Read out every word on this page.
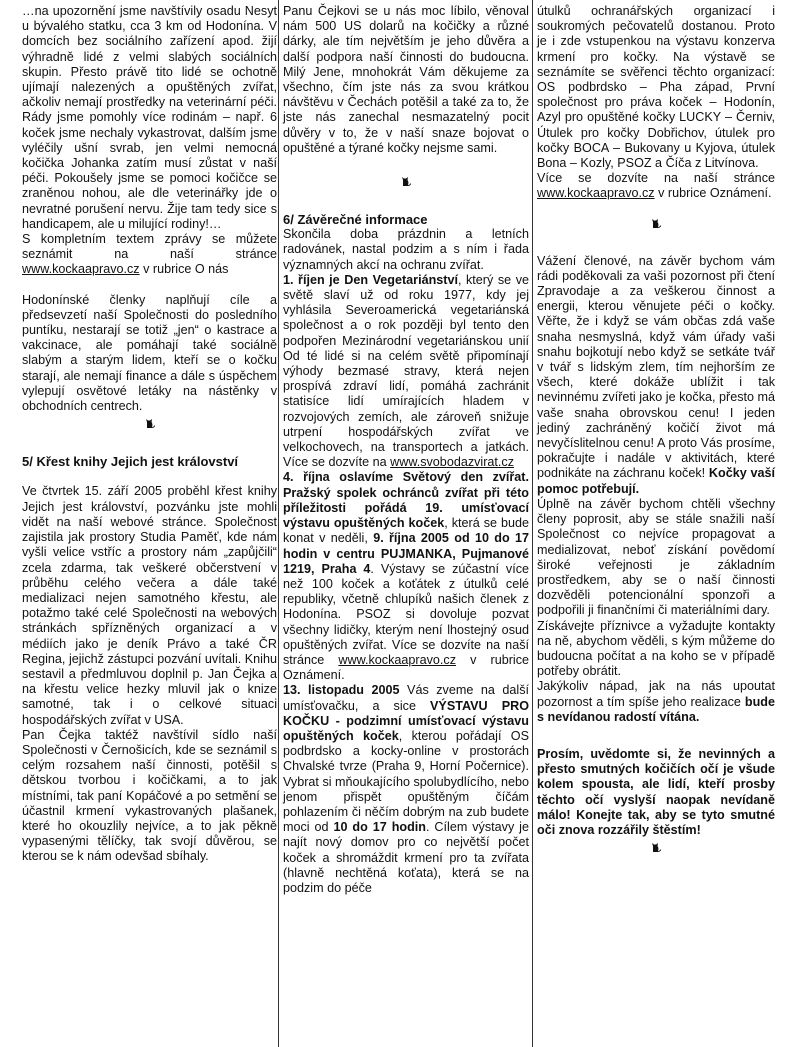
…na upozornění jsme navštívily osadu Nesyt u bývalého statku, cca 3 km od Hodonína. V domcích bez sociálního zařízení apod. žijí výhradně lidé z velmi slabých sociálních skupin. Přesto právě tito lidé se ochotně ujímají nalezených a opuštěných zvířat, ačkoliv nemají prostředky na veterinární péči. Rády jsme pomohly více rodinám – např. 6 koček jsme nechaly vykastrovat, dalším jsme vyléčily ušní svrab, jen velmi nemocná kočička Johanka zatím musí zůstat v naší péči. Pokoušely jsme se pomoci kočičce se zraněnou nohou, ale dle veterinářky jde o nevratné porušení nervu. Žije tam tedy sice s handicapem, ale u milující rodiny!…

S kompletním textem zprávy se můžete seznámit na naší stránce www.kockaapravo.cz v rubrice O nás

Hodonínské členky naplňují cíle a předsevzetí naší Společnosti do posledního puntíku, nestarají se totiž „jen“ o kastrace a vakcinace, ale pomáhají také sociálně slabým a starým lidem, kteří se o kočku starají, ale nemají finance a dále s úspěchem vylepují osvětové letáky na nástěnky v obchodních centrech.

5/ Křest knihy Jejich jest království

Ve čtvrtek 15. září 2005 proběhl křest knihy Jejich jest království, pozvánku jste mohli vidět na naší webové stránce. Společnost zajistila jak prostory Studia Paměť, kde nám vyšli velice vstříc a prostory nám „zapůjčili“ zcela zdarma, tak veškeré občerstvení v průběhu celého večera a dále také medializaci nejen samotného křestu, ale potažmo také celé Společnosti na webových stránkách spřízněných organizací a v médiích jako je deník Právo a také ČR Regina, jejichž zástupci pozvání uvítali. Knihu sestavil a předmluvou doplnil p. Jan Čejka a na křestu velice hezky mluvil jak o knize samotné, tak i o celkové situaci hospodářských zvířat v USA.

Pan Čejka taktéž navštívil sídlo naší Společnosti v Černošicích, kde se seznámil s celým rozsahem naší činnosti, potěšil s dětskou tvorbou i kočičkami, a to jak místními, tak paní Kopáčové a po setmění se účastnil krmení vykastrovaných plašanek, které ho okouzlily nejvíce, a to jak pěkně vypasenými tělíčky, tak svojí důvěrou, se kterou se k nám odevšad sbíhaly.

Panu Čejkovi se u nás moc líbilo, věnoval nám 500 US dolarů na kočičky a různé dárky, ale tím největším je jeho důvěra a další podpora naší činnosti do budoucna. Milý Jene, mnohokrát Vám děkujeme za všechno, čím jste nás za svou krátkou návštěvu v Čechách potěšil a také za to, že jste nás zanechal nesmazatelný pocit důvěry v to, že v naší snaze bojovat o opuštěné a týrané kočky nejsme sami.

6/ Závěrečné informace

Skončila doba prázdnin a letních radovánek, nastal podzim a s ním i řada významných akcí na ochranu zvířat.

1. říjen je Den Vegetariánství, který se ve světě slaví už od roku 1977, kdy jej vyhlásila Severoamerická vegetariánská společnost a o rok později byl tento den podpořen Mezinárodní vegetariánskou unií Od té lidé si na celém světě připomínají výhody bezmasé stravy, která nejen prospívá zdraví lidí, pomáhá zachránit statisíce lidí umírajících hladem v rozvojových zemích, ale zároveň snižuje utrpení hospodářských zvířat ve velkochovech, na transportech a jatkách. Více se dozvíte na www.svobodazvirat.cz

4. října oslavíme Světový den zvířat. Pražský spolek ochránců zvířat při této příležitosti pořádá 19. umísťovací výstavu opuštěných koček, která se bude konat v neděli, 9. října 2005 od 10 do 17 hodin v centru PUJMANKA, Pujmanové 1219, Praha 4. Výstavy se zúčastní více než 100 koček a koťátek z útulků celé republiky, včetně chlupíků našich členek z Hodonína. PSOZ si dovoluje pozvat všechny lidičky, kterým není lhostejný osud opuštěných zvířat. Více se dozvíte na naší stránce www.kockaapravo.cz v rubrice Oznámení.

13. listopadu 2005 Vás zveme na další umísťovačku, a sice VÝSTAVU PRO KOČKU - podzimní umísťovací výstavu opuštěných koček, kterou pořádají OS podbrdsko a kocky-online v prostorách Chvalské tvrze (Praha 9, Horní Počernice). Vybrat si mňoukajícího spolubydlícího, nebo jenom přispět opuštěným číčám pohlazením či něčím dobrým na zub budete moci od 10 do 17 hodin. Cílem výstavy je najít nový domov pro co největší počet koček a shromáždit krmení pro ta zvířata (hlavně nechtěná koťata), která se na podzim do péče

útulků ochranářských organizací i soukromých pečovatelů dostanou. Proto je i zde vstupenkou na výstavu konzerva krmení pro kočky. Na výstavě se seznámíte se svěřenci těchto organizací: OS podbrdsko – Pha západ, První společnost pro práva koček – Hodonín, Azyl pro opuštěné kočky LUCKY – Černiv, Útulek pro kočky Dobřichov, útulek pro kočky BOCA – Bukovany u Kyjova, útulek Bona – Kozly, PSOZ a Číča z Litvínova.

Více se dozvíte na naší stránce www.kockaapravo.cz v rubrice Oznámení.

Vážení členové, na závěr bychom vám rádi poděkovali za vaši pozornost při čtení Zpravodaje a za veškerou činnost a energii, kterou věnujete péči o kočky. Věřte, že i když se vám občas zdá vaše snaha nesmyslná, když vám úřady vaši snahu bojkotují nebo když se setkáte tvář v tvář s lidským zlem, tím nejhorším ze všech, které dokáže ublížit i tak nevinnému zvířeti jako je kočka, přesto má vaše snaha obrovskou cenu! I jeden jediný zachráněný kočičí život má nevyčíslitelnou cenu! A proto Vás prosíme, pokračujte i nadále v aktivitách, které podnikáte na záchranu koček! Kočky vaší pomoc potřebují.

Úplně na závěr bychom chtěli všechny členy poprosit, aby se stále snažili naší Společnost co nejvíce propagovat a medializovat, neboť získání povědomí široké veřejnosti je základním prostředkem, aby se o naší činnosti dozvěděli potencionální sponzoři a podpořili ji finančními či materiálními dary.

Získávejte příznivce a vyžadujte kontakty na ně, abychom věděli, s kým můžeme do budoucna počítat a na koho se v případě potřeby obrátit.

Jakýkoliv nápad, jak na nás upoutat pozornost a tím spíše jeho realizace bude s nevídanou radostí vítána.

Prosím, uvědomte si, že nevinných a přesto smutných kočičích očí je všude kolem spousta, ale lidí, kteří prosby těchto očí vyslyší naopak nevídaně málo! Konejte tak, aby se tyto smutné oči znova rozzářily štěstím!
